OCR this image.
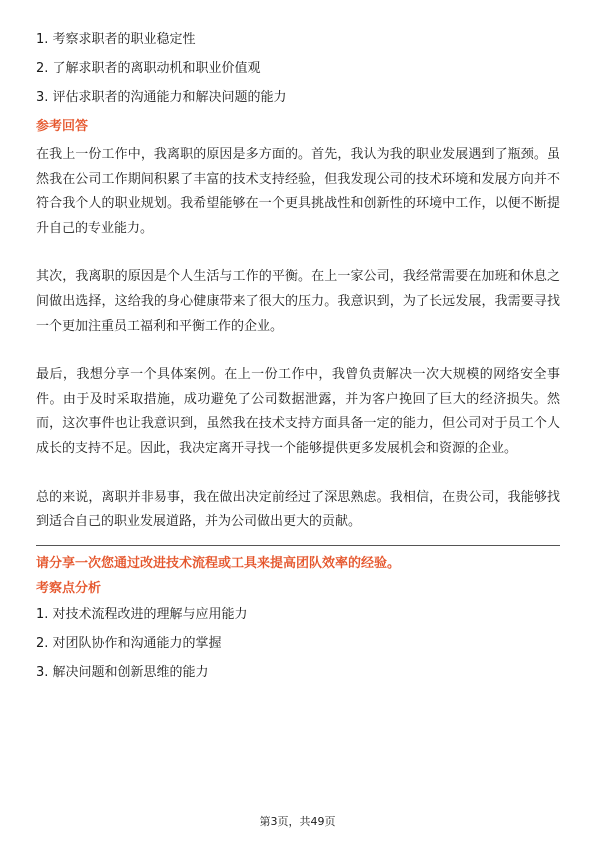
1. 考察求职者的职业稳定性
2. 了解求职者的离职动机和职业价值观
3. 评估求职者的沟通能力和解决问题的能力
参考回答
在我上一份工作中，我离职的原因是多方面的。首先，我认为我的职业发展遇到了瓶颈。虽然我在公司工作期间积累了丰富的技术支持经验，但我发现公司的技术环境和发展方向并不符合我个人的职业规划。我希望能够在一个更具挑战性和创新性的环境中工作，以便不断提升自己的专业能力。
其次，我离职的原因是个人生活与工作的平衡。在上一家公司，我经常需要在加班和休息之间做出选择，这给我的身心健康带来了很大的压力。我意识到，为了长远发展，我需要寻找一个更加注重员工福利和平衡工作的企业。
最后，我想分享一个具体案例。在上一份工作中，我曾负责解决一次大规模的网络安全事件。由于及时采取措施，成功避免了公司数据泄露，并为客户挽回了巨大的经济损失。然而，这次事件也让我意识到，虽然我在技术支持方面具备一定的能力，但公司对于员工个人成长的支持不足。因此，我决定离开寻找一个能够提供更多发展机会和资源的企业。
总的来说，离职并非易事，我在做出决定前经过了深思熟虑。我相信，在贵公司，我能够找到适合自己的职业发展道路，并为公司做出更大的贡献。
请分享一次您通过改进技术流程或工具来提高团队效率的经验。
考察点分析
1. 对技术流程改进的理解与应用能力
2. 对团队协作和沟通能力的掌握
3. 解决问题和创新思维的能力
第3页，共49页
